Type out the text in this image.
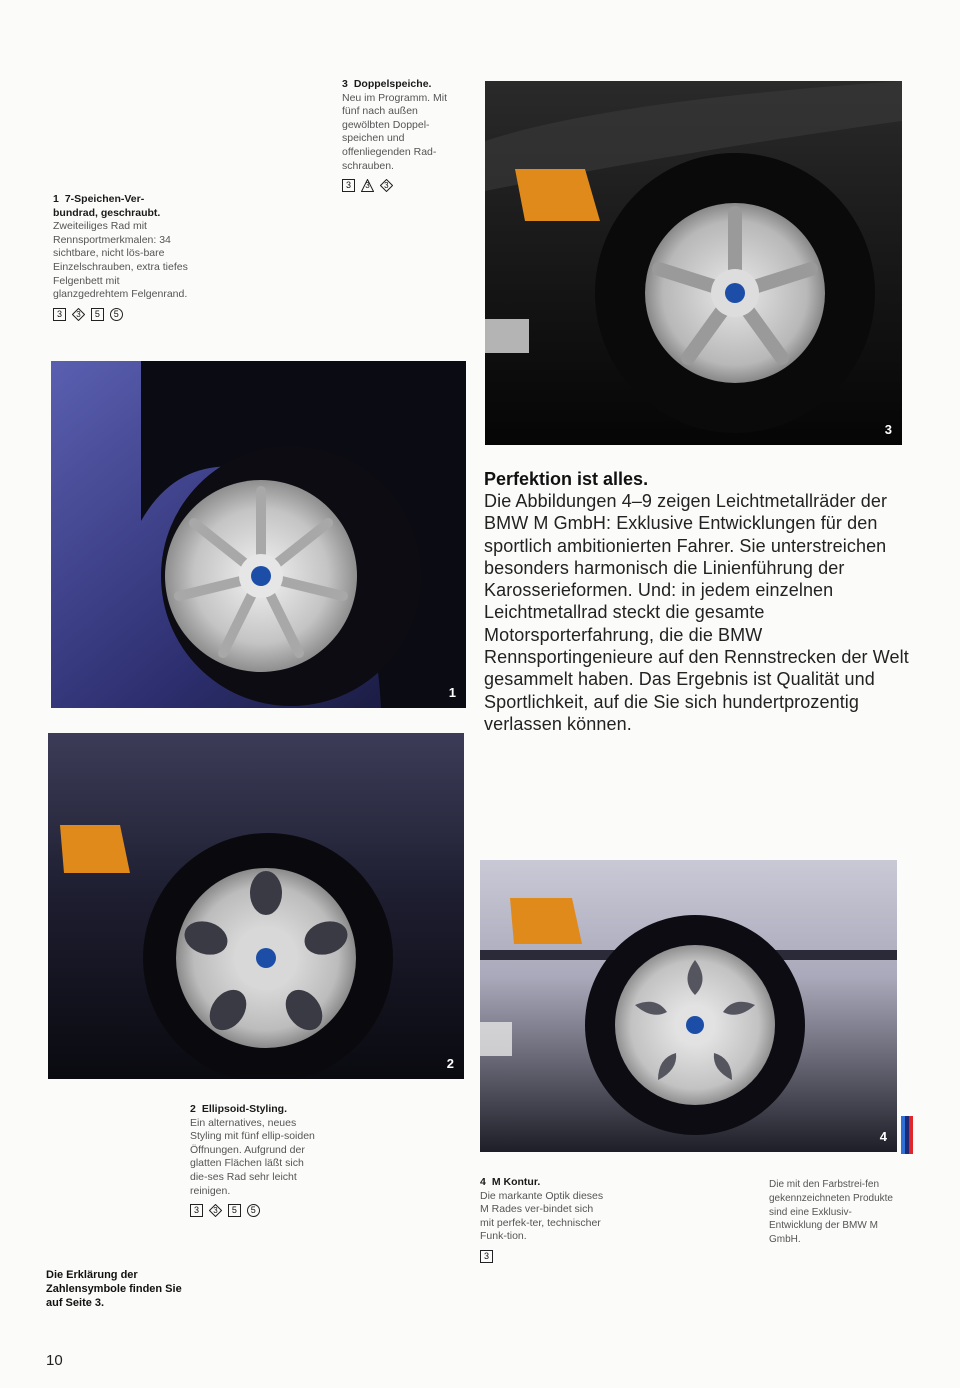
3 Doppelspeiche.
Neu im Programm. Mit fünf nach außen gewölbten Doppel-speichen und offenliegenden Rad-schrauben.
3 3 3
1 7-Speichen-Ver-
bundrad, geschraubt.
Zweiteiliges Rad mit Rennsportmerkmalen: 34 sichtbare, nicht lös-bare Einzelschrauben, extra tiefes Felgenbett mit glanzgedrehtem Felgenrand.
3 3 5 5
3
1
Perfektion ist alles.

Die Abbildungen 4–9 zeigen Leichtmetallräder der BMW M GmbH: Exklusive Entwicklungen für den sportlich ambitionierten Fahrer. Sie unterstreichen besonders harmonisch die Linienführung der Karosserieformen. Und: in jedem einzelnen Leichtmetallrad steckt die gesamte Motorsporterfahrung, die die BMW Rennsportingenieure auf den Rennstrecken der Welt gesammelt haben. Das Ergebnis ist Qualität und Sportlichkeit, auf die Sie sich hundertprozentig verlassen können.

2
4
2 Ellipsoid-Styling.
Ein alternatives, neues Styling mit fünf ellip-soiden Öffnungen. Aufgrund der glatten Flächen läßt sich die-ses Rad sehr leicht reinigen.
3 3 5 5
4 M Kontur.
Die markante Optik dieses M Rades ver-bindet sich mit perfek-ter, technischer Funk-tion.
3
Die mit den Farbstrei-fen gekennzeichneten Produkte sind eine Exklusiv-Entwicklung der BMW M GmbH.
Die Erklärung der Zahlensymbole finden Sie auf Seite 3.
10
